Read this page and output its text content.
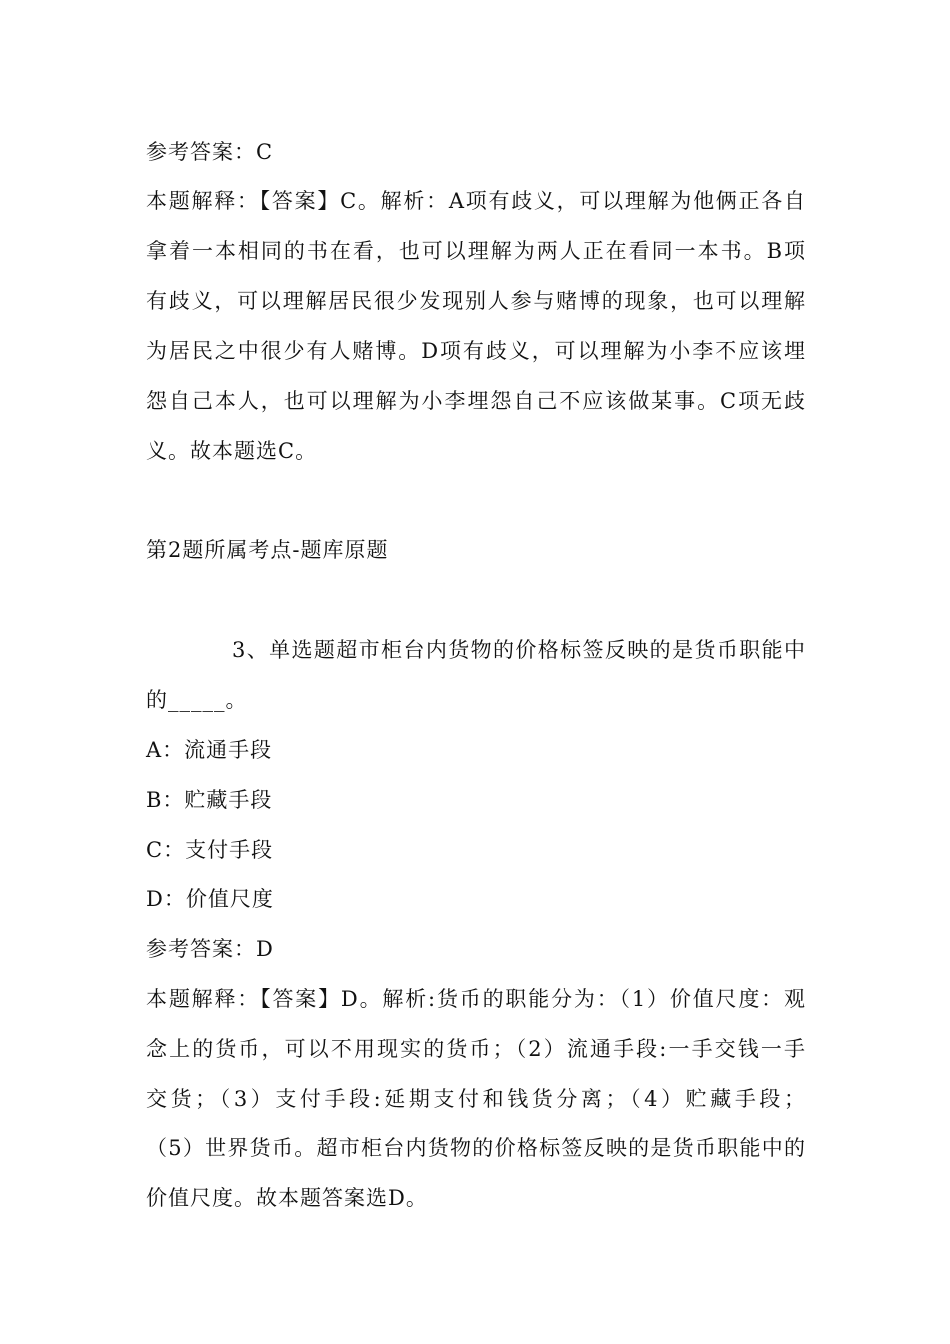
参考答案：C
本题解释：【答案】C。解析：A项有歧义，可以理解为他俩正各自
拿着一本相同的书在看，也可以理解为两人正在看同一本书。B项
有歧义，可以理解居民很少发现别人参与赌博的现象，也可以理解
为居民之中很少有人赌博。D项有歧义，可以理解为小李不应该埋
怨自己本人，也可以理解为小李埋怨自己不应该做某事。C项无歧
义。故本题选C。
第2题所属考点-题库原题
3、单选题超市柜台内货物的价格标签反映的是货币职能中
的_____。
A：流通手段
B：贮藏手段
C：支付手段
D：价值尺度
参考答案：D
本题解释：【答案】D。解析:货币的职能分为：（1）价值尺度：观
念上的货币，可以不用现实的货币；（2）流通手段:一手交钱一手
交货；（3）支付手段:延期支付和钱货分离；（4）贮藏手段；
（5）世界货币。超市柜台内货物的价格标签反映的是货币职能中的
价值尺度。故本题答案选D。
